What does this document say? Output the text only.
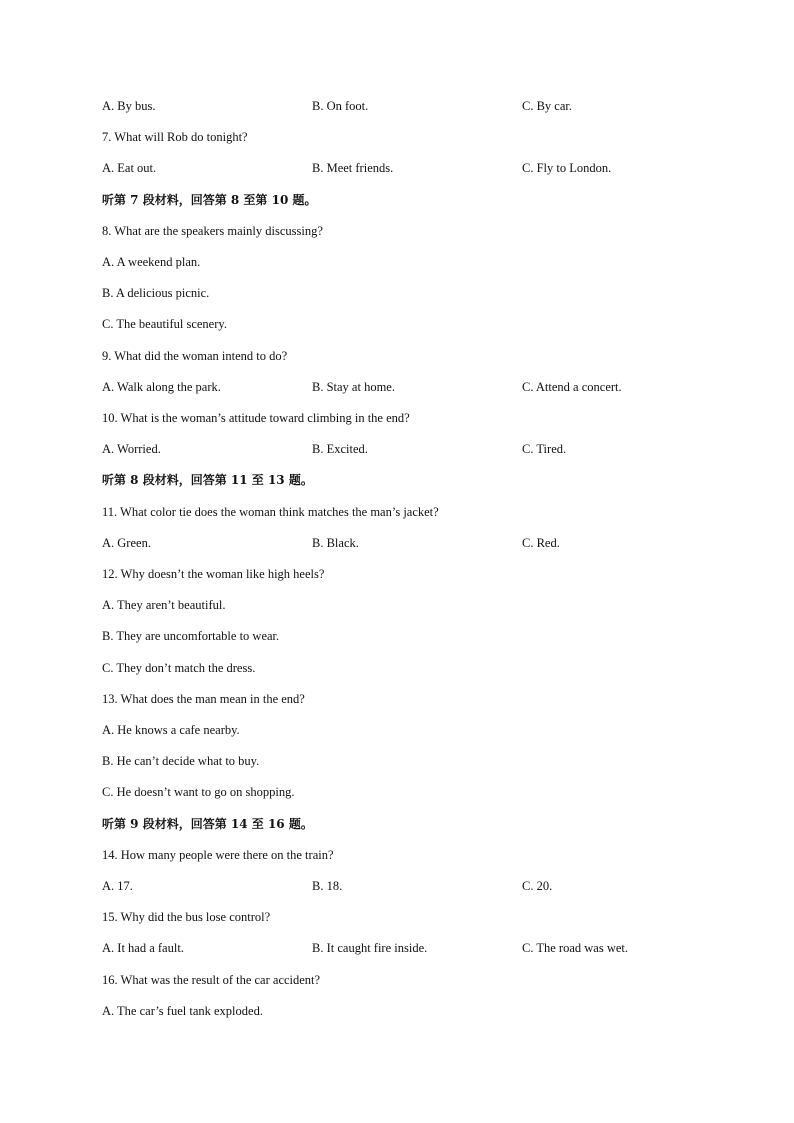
A. By bus.	B. On foot.	C. By car.
7. What will Rob do tonight?
A. Eat out.	B. Meet friends.	C. Fly to London.
听第 7 段材料，回答第 8 至第 10 题。
8. What are the speakers mainly discussing?
A. A weekend plan.
B. A delicious picnic.
C. The beautiful scenery.
9. What did the woman intend to do?
A. Walk along the park.	B. Stay at home.	C. Attend a concert.
10. What is the woman’s attitude toward climbing in the end?
A. Worried.	B. Excited.	C. Tired.
听第 8 段材料，回答第 11 至 13 题。
11. What color tie does the woman think matches the man’s jacket?
A. Green.	B. Black.	C. Red.
12. Why doesn’t the woman like high heels?
A. They aren’t beautiful.
B. They are uncomfortable to wear.
C. They don’t match the dress.
13. What does the man mean in the end?
A. He knows a cafe nearby.
B. He can’t decide what to buy.
C. He doesn’t want to go on shopping.
听第 9 段材料，回答第 14 至 16 题。
14. How many people were there on the train?
A. 17.	B. 18.	C. 20.
15. Why did the bus lose control?
A. It had a fault.	B. It caught fire inside.	C. The road was wet.
16. What was the result of the car accident?
A. The car’s fuel tank exploded.
